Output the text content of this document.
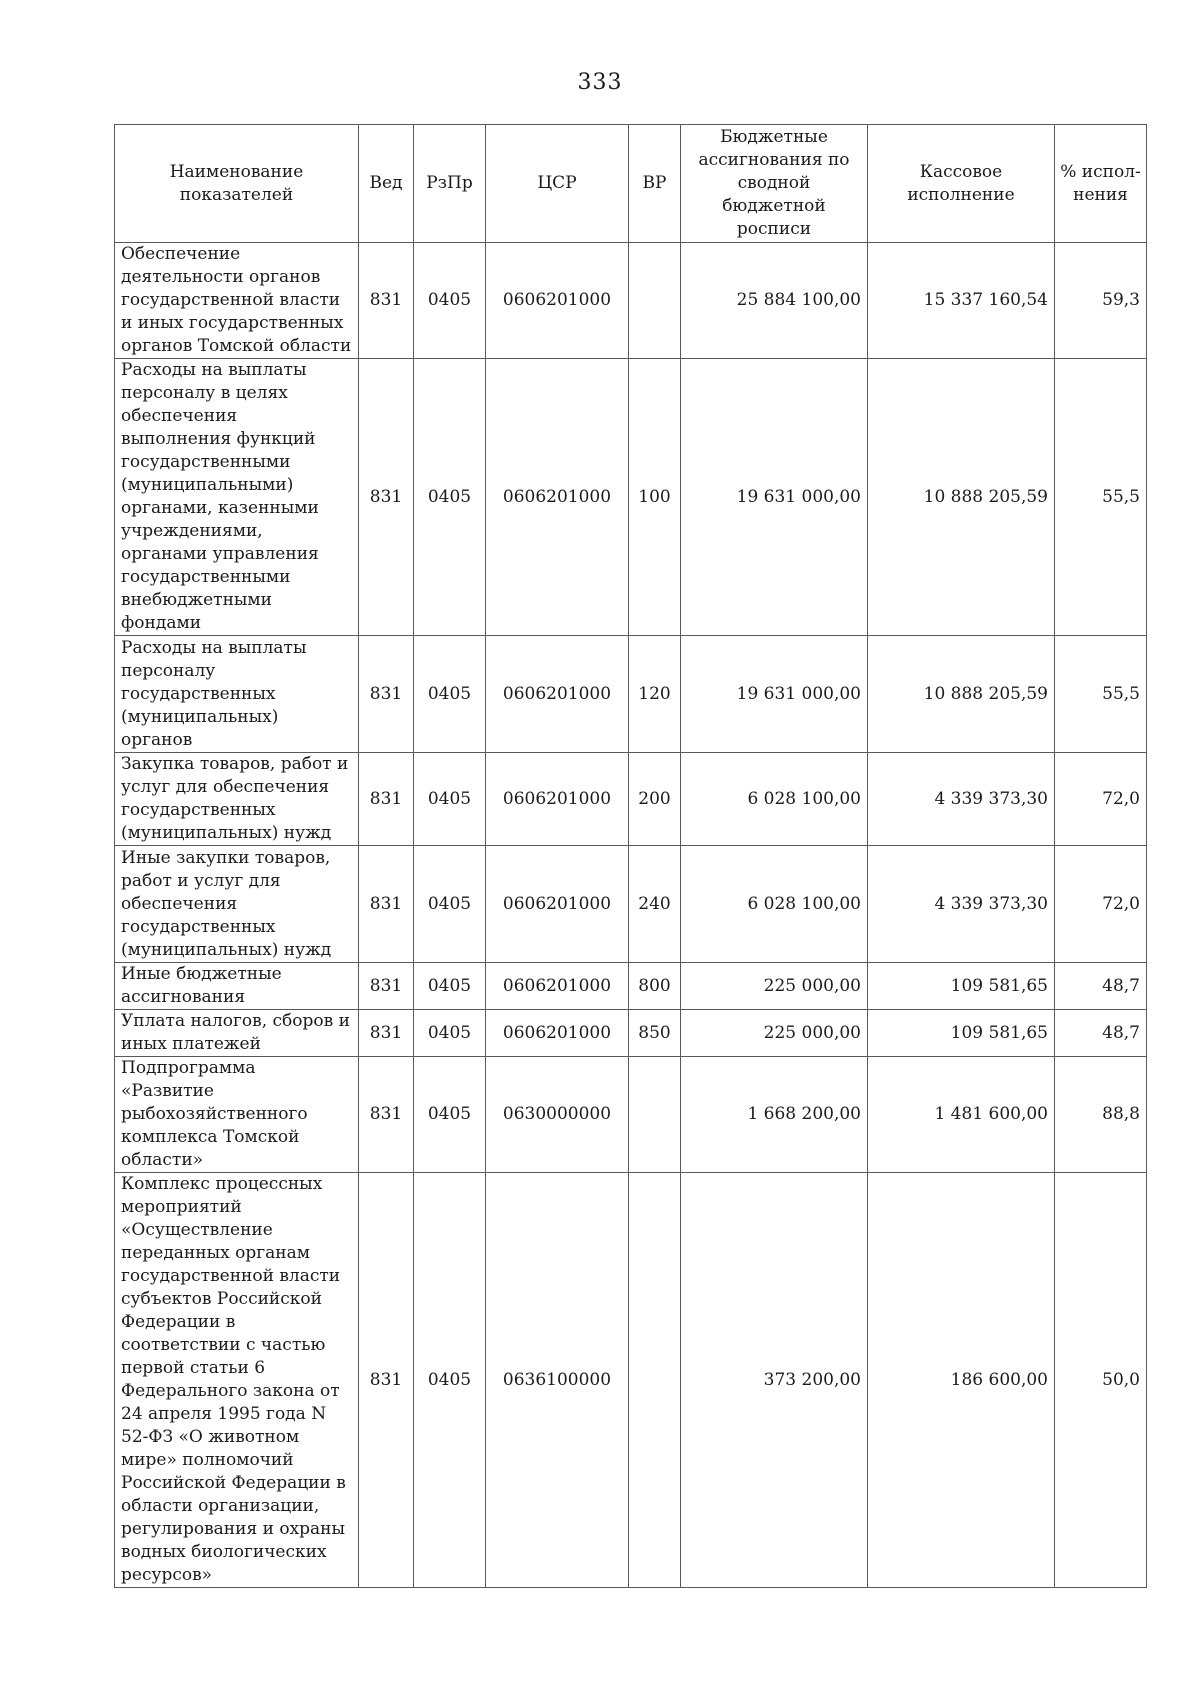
333
Наименование показателей	Вед	РзПр	ЦСР	ВР	Бюджетные ассигнования по сводной бюджетной росписи	Кассовое исполнение	% испол-нения
Обеспечение деятельности органов государственной власти и иных государственных органов Томской области	831	0405	0606201000		25 884 100,00	15 337 160,54	59,3
Расходы на выплаты персоналу в целях обеспечения выполнения функций государственными (муниципальными) органами, казенными учреждениями, органами управления государственными внебюджетными фондами	831	0405	0606201000	100	19 631 000,00	10 888 205,59	55,5
Расходы на выплаты персоналу государственных (муниципальных) органов	831	0405	0606201000	120	19 631 000,00	10 888 205,59	55,5
Закупка товаров, работ и услуг для обеспечения государственных (муниципальных) нужд	831	0405	0606201000	200	6 028 100,00	4 339 373,30	72,0
Иные закупки товаров, работ и услуг для обеспечения государственных (муниципальных) нужд	831	0405	0606201000	240	6 028 100,00	4 339 373,30	72,0
Иные бюджетные ассигнования	831	0405	0606201000	800	225 000,00	109 581,65	48,7
Уплата налогов, сборов и иных платежей	831	0405	0606201000	850	225 000,00	109 581,65	48,7
Подпрограмма «Развитие рыбохозяйственного комплекса Томской области»	831	0405	0630000000		1 668 200,00	1 481 600,00	88,8
Комплекс процессных мероприятий «Осуществление переданных органам государственной власти субъектов Российской Федерации в соответствии с частью первой статьи 6 Федерального закона от 24 апреля 1995 года N 52-ФЗ «О животном мире» полномочий Российской Федерации в области организации, регулирования и охраны водных биологических ресурсов»	831	0405	0636100000		373 200,00	186 600,00	50,0
